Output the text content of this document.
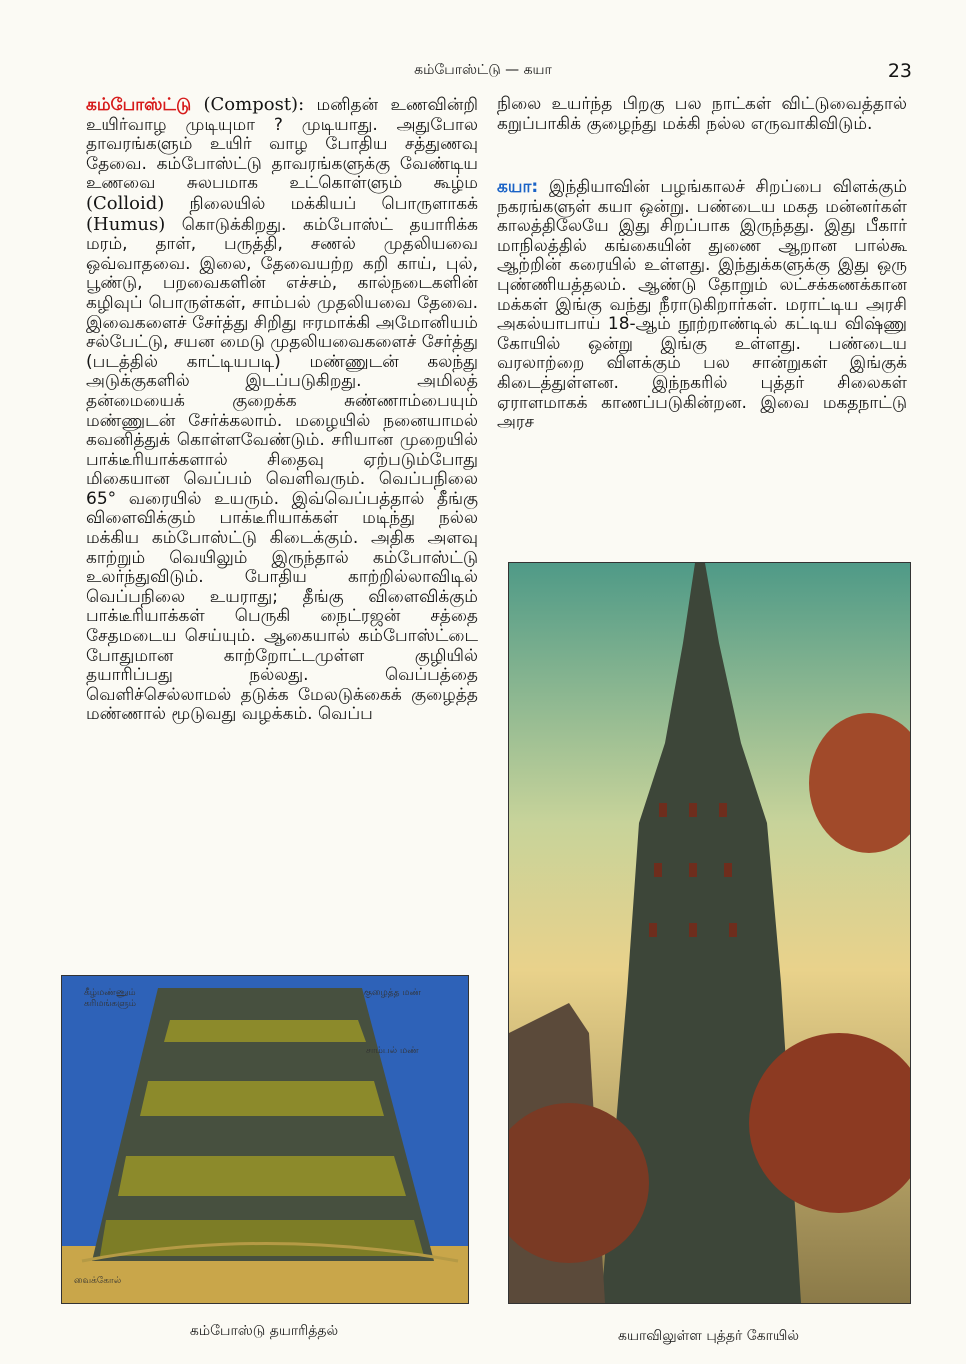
கம்போஸ்ட்டு — கயா	23

கம்போஸ்ட்டு (Compost): மனிதன் உணவின்றி உயிர்வாழ முடியுமா ? முடியாது. அதுபோல தாவரங்களும் உயிர் வாழ போதிய சத்துணவு தேவை. கம்போஸ்ட்டு தாவரங்களுக்கு வேண்டிய உணவை சுலபமாக உட்கொள்ளும் கூழ்ம (Colloid) நிலையில் மக்கியப் பொருளாகக் (Humus) கொடுக்கிறது. கம்போஸ்ட் தயாரிக்க மரம், தாள், பருத்தி, சணல் முதலியவை ஒவ்வாதவை. இலை, தேவையற்ற கறி காய், புல், பூண்டு, பறவைகளின் எச்சம், கால்நடைகளின் கழிவுப் பொருள்கள், சாம்பல் முதலியவை தேவை. இவைகளைச் சேர்த்து சிறிது ஈரமாக்கி அமோனியம் சல்பேட்டு, சயன மைடு முதலியவைகளைச் சேர்த்து (படத்தில் காட்டியபடி) மண்ணுடன் கலந்து அடுக்குகளில் இடப்படுகிறது. அமிலத் தன்மையைக் குறைக்க சுண்ணாம்பையும் மண்ணுடன் சேர்க்கலாம். மழையில் நனையாமல் கவனித்துக் கொள்ளவேண்டும். சரியான முறையில் பாக்டீரியாக்களால் சிதைவு ஏற்படும்போது மிகையான வெப்பம் வெளிவரும். வெப்பநிலை 65° வரையில் உயரும். இவ்வெப்பத்தால் தீங்கு விளைவிக்கும் பாக்டீரியாக்கள் மடிந்து நல்ல மக்கிய கம்போஸ்ட்டு கிடைக்கும். அதிக அளவு காற்றும் வெயிலும் இருந்தால் கம்போஸ்ட்டு உலர்ந்துவிடும். போதிய காற்றில்லாவிடில் வெப்பநிலை உயராது; தீங்கு விளைவிக்கும் பாக்டீரியாக்கள் பெருகி நைட்ரஜன் சத்தை சேதமடைய செய்யும். ஆகையால் கம்போஸ்ட்டை போதுமான காற்றோட்டமுள்ள குழியில் தயாரிப்பது நல்லது. வெப்பத்தை வெளிச்செல்லாமல் தடுக்க மேலடுக்கைக் குழைத்த மண்ணால் மூடுவது வழக்கம். வெப்ப

நிலை உயர்ந்த பிறகு பல நாட்கள் விட்டுவைத்தால் கறுப்பாகிக் குழைந்து மக்கி நல்ல எருவாகிவிடும்.

கயா: இந்தியாவின் பழங்காலச் சிறப்பை விளக்கும் நகரங்களுள் கயா ஒன்று. பண்டைய மகத மன்னர்கள் காலத்திலேயே இது சிறப்பாக இருந்தது. இது பீகார் மாநிலத்தில் கங்கையின் துணை ஆறான பால்கூ ஆற்றின் கரையில் உள்ளது. இந்துக்களுக்கு இது ஒரு புண்ணியத்தலம். ஆண்டு தோறும் லட்சக்கணக்கான மக்கள் இங்கு வந்து நீராடுகிறார்கள். மராட்டிய அரசி அகல்யாபாய் 18-ஆம் நூற்றாண்டில் கட்டிய விஷ்ணு கோயில் ஒன்று இங்கு உள்ளது. பண்டைய வரலாற்றை விளக்கும் பல சான்றுகள் இங்குக் கிடைத்துள்ளன. இந்நகரில் புத்தர் சிலைகள் ஏராளமாகக் காணப்படுகின்றன. இவை மகதநாட்டு அரச

கீழ்மண்ணும் கரிமங்களும்
குழைத்த மண்
சாம்பல் மண்
வைக்கோல்
கம்போஸ்டு தயாரித்தல்	கயாவிலுள்ள புத்தர் கோயில்
